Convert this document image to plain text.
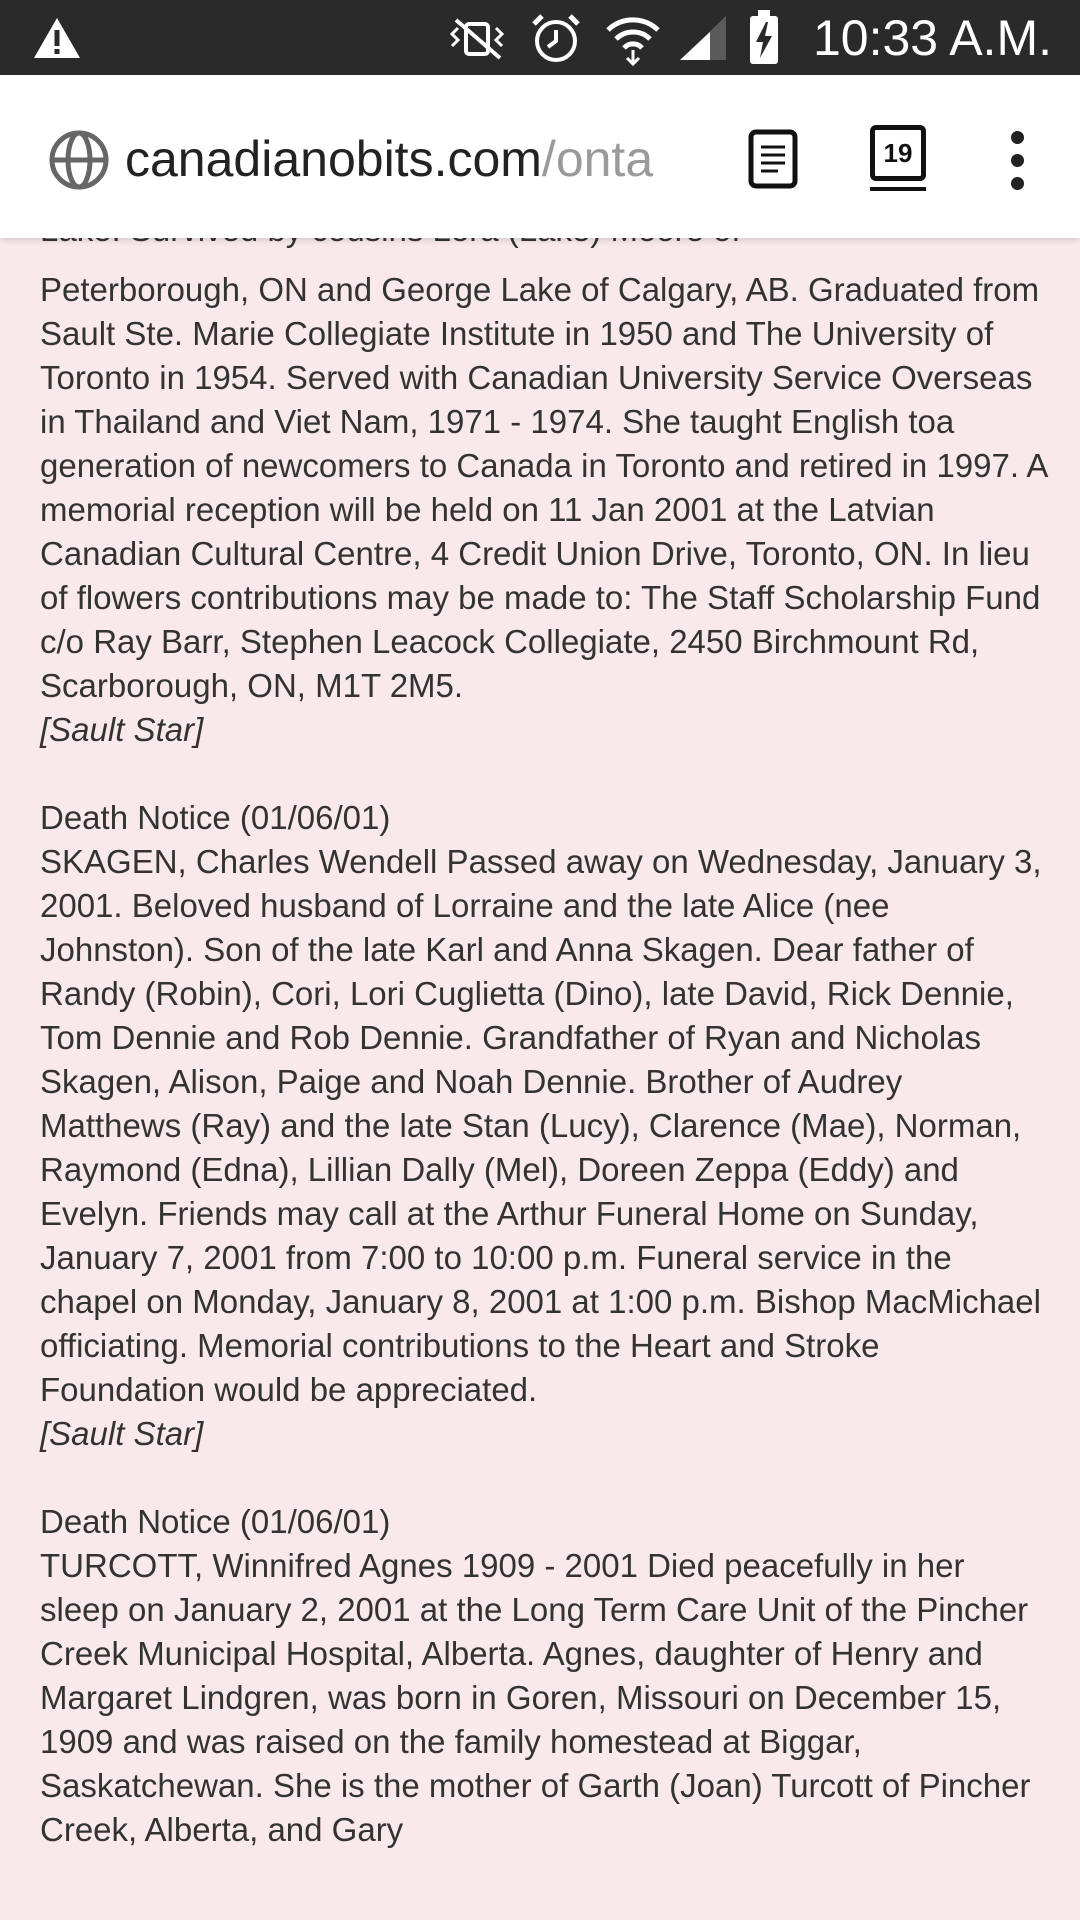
10:33 A.M.
canadianobits.com/onta	19

Peterborough, ON and George Lake of Calgary, AB. Graduated from Sault Ste. Marie Collegiate Institute in 1950 and The University of Toronto in 1954. Served with Canadian University Service Overseas in Thailand and Viet Nam, 1971 - 1974. She taught English toa generation of newcomers to Canada in Toronto and retired in 1997. A memorial reception will be held on 11 Jan 2001 at the Latvian Canadian Cultural Centre, 4 Credit Union Drive, Toronto, ON. In lieu of flowers contributions may be made to: The Staff Scholarship Fund c/o Ray Barr, Stephen Leacock Collegiate, 2450 Birchmount Rd, Scarborough, ON, M1T 2M5.

[Sault Star]

Death Notice (01/06/01)

SKAGEN, Charles Wendell Passed away on Wednesday, January 3, 2001. Beloved husband of Lorraine and the late Alice (nee Johnston). Son of the late Karl and Anna Skagen. Dear father of Randy (Robin), Cori, Lori Cuglietta (Dino), late David, Rick Dennie, Tom Dennie and Rob Dennie. Grandfather of Ryan and Nicholas Skagen, Alison, Paige and Noah Dennie. Brother of Audrey Matthews (Ray) and the late Stan (Lucy), Clarence (Mae), Norman, Raymond (Edna), Lillian Dally (Mel), Doreen Zeppa (Eddy) and Evelyn. Friends may call at the Arthur Funeral Home on Sunday, January 7, 2001 from 7:00 to 10:00 p.m. Funeral service in the chapel on Monday, January 8, 2001 at 1:00 p.m. Bishop MacMichael officiating. Memorial contributions to the Heart and Stroke Foundation would be appreciated.

[Sault Star]

Death Notice (01/06/01)

TURCOTT, Winnifred Agnes 1909 - 2001 Died peacefully in her sleep on January 2, 2001 at the Long Term Care Unit of the Pincher Creek Municipal Hospital, Alberta. Agnes, daughter of Henry and Margaret Lindgren, was born in Goren, Missouri on December 15, 1909 and was raised on the family homestead at Biggar, Saskatchewan. She is the mother of Garth (Joan) Turcott of Pincher Creek, Alberta, and Gary
